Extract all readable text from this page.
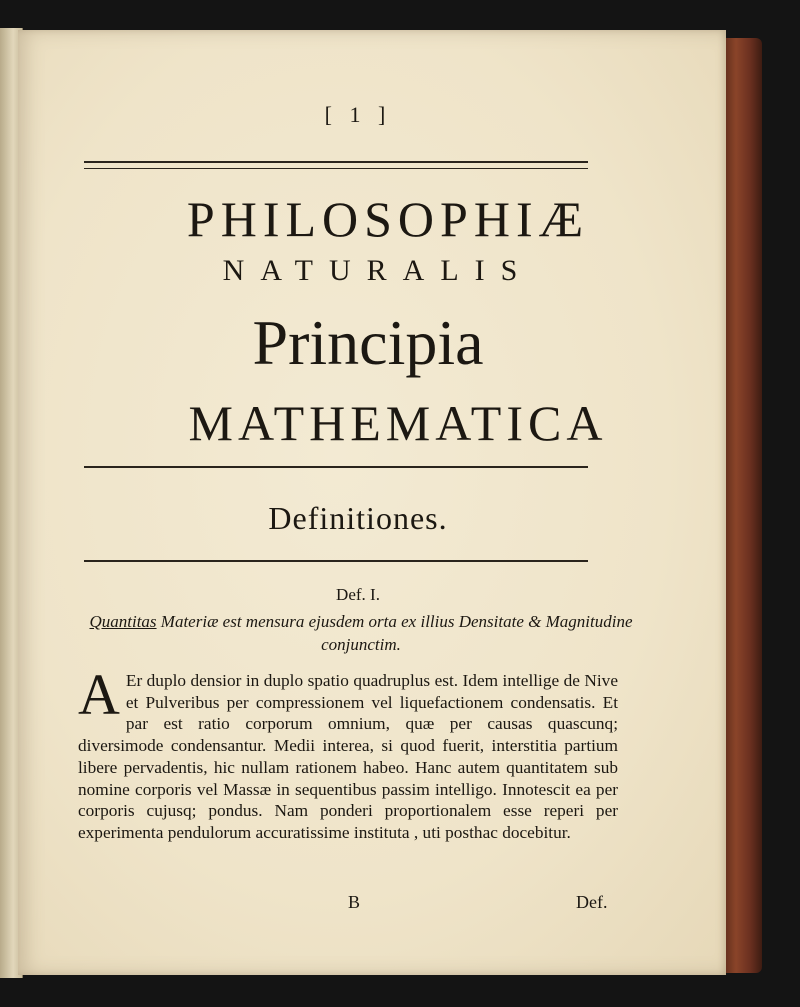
[ 1 ]
PHILOSOPHIÆ
NATURALIS
Principia
MATHEMATICA
Definitiones.
Def. I.
Quantitas Materiæ est mensura ejusdem orta ex illius Densitate & Magnitudine conjunctim.
A Er duplo densior in duplo spatio quadruplus est. Idem intellige de Nive et Pulveribus per compressionem vel liquefactionem condensatis. Et par est ratio corporum omnium, quæ per causas quascunq; diversimode condensantur. Medii interea, si quod fuerit, interstitia partium libere pervadentis, hic nullam rationem habeo. Hanc autem quantitatem sub nomine corporis vel Massæ in sequentibus passim intelligo. Innotescit ea per corporis cujusq; pondus. Nam ponderi proportionalem esse reperi per experimenta pendulorum accuratissime instituta , uti posthac docebitur.
B	Def.
